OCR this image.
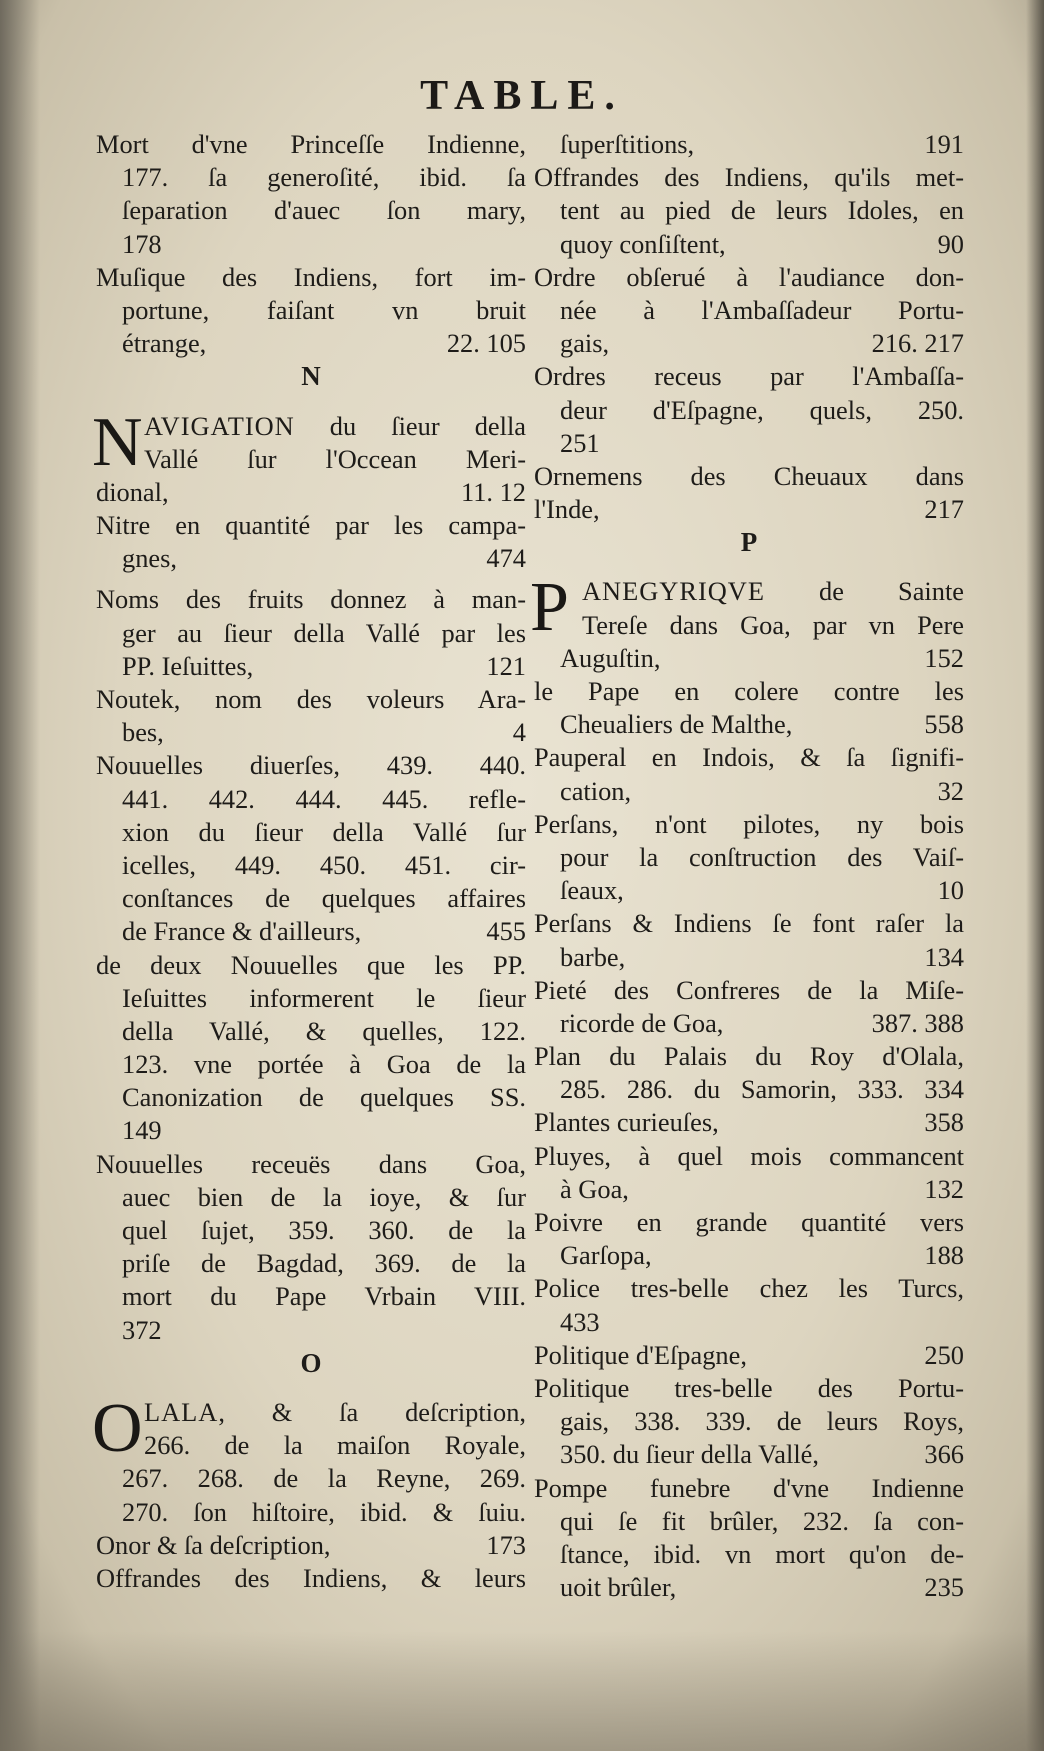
TABLE.
Mort d'vne Princeſſe Indienne,
177. ſa generoſité, ibid. ſa
ſeparation d'auec ſon mary,
178
Muſique des Indiens, fort im-
portune, faiſant vn bruit
étrange,	22. 105
N
N AVIGATION du ſieur della
Vallé ſur l'Occean Meri-
dional,	11. 12
Nitre en quantité par les campa-
gnes,	474
Noms des fruits donnez à man-
ger au ſieur della Vallé par les
PP. Ieſuittes,	121
Noutek, nom des voleurs Ara-
bes,	4
Nouuelles diuerſes, 439. 440.
441. 442. 444. 445. refle-
xion du ſieur della Vallé ſur
icelles, 449. 450. 451. cir-
conſtances de quelques affaires
de France & d'ailleurs,	455
de deux Nouuelles que les PP.
Ieſuittes informerent le ſieur
della Vallé, & quelles, 122.
123. vne portée à Goa de la
Canonization de quelques SS.
149
Nouuelles receuës dans Goa,
auec bien de la ioye, & ſur
quel ſujet, 359. 360. de la
priſe de Bagdad, 369. de la
mort du Pape Vrbain VIII.
372
O
O LALA, & ſa deſcription,
266. de la maiſon Royale,
267. 268. de la Reyne, 269.
270. ſon hiſtoire, ibid. & ſuiu.
Onor & ſa deſcription,	173
Offrandes des Indiens, & leurs
ſuperſtitions,	191
Offrandes des Indiens, qu'ils met-
tent au pied de leurs Idoles, en
quoy conſiſtent,	90
Ordre obſerué à l'audiance don-
née à l'Ambaſſadeur Portu-
gais,	216. 217
Ordres receus par l'Ambaſſa-
deur d'Eſpagne, quels, 250.
251
Ornemens des Cheuaux dans
l'Inde,	217
P
P ANEGYRIQVE de Sainte
Tereſe dans Goa, par vn Pere
Auguſtin,	152
le Pape en colere contre les
Cheualiers de Malthe,	558
Pauperal en Indois, & ſa ſignifi-
cation,	32
Perſans, n'ont pilotes, ny bois
pour la conſtruction des Vaiſ-
ſeaux,	10
Perſans & Indiens ſe font raſer la
barbe,	134
Pieté des Confreres de la Miſe-
ricorde de Goa,	387. 388
Plan du Palais du Roy d'Olala,
285. 286. du Samorin, 333. 334
Plantes curieuſes,	358
Pluyes, à quel mois commancent
à Goa,	132
Poivre en grande quantité vers
Garſopa,	188
Police tres-belle chez les Turcs,
433
Politique d'Eſpagne,	250
Politique tres-belle des Portu-
gais, 338. 339. de leurs Roys,
350. du ſieur della Vallé,	366
Pompe funebre d'vne Indienne
qui ſe fit brûler, 232. ſa con-
ſtance, ibid. vn mort qu'on de-
uoit brûler,	235
